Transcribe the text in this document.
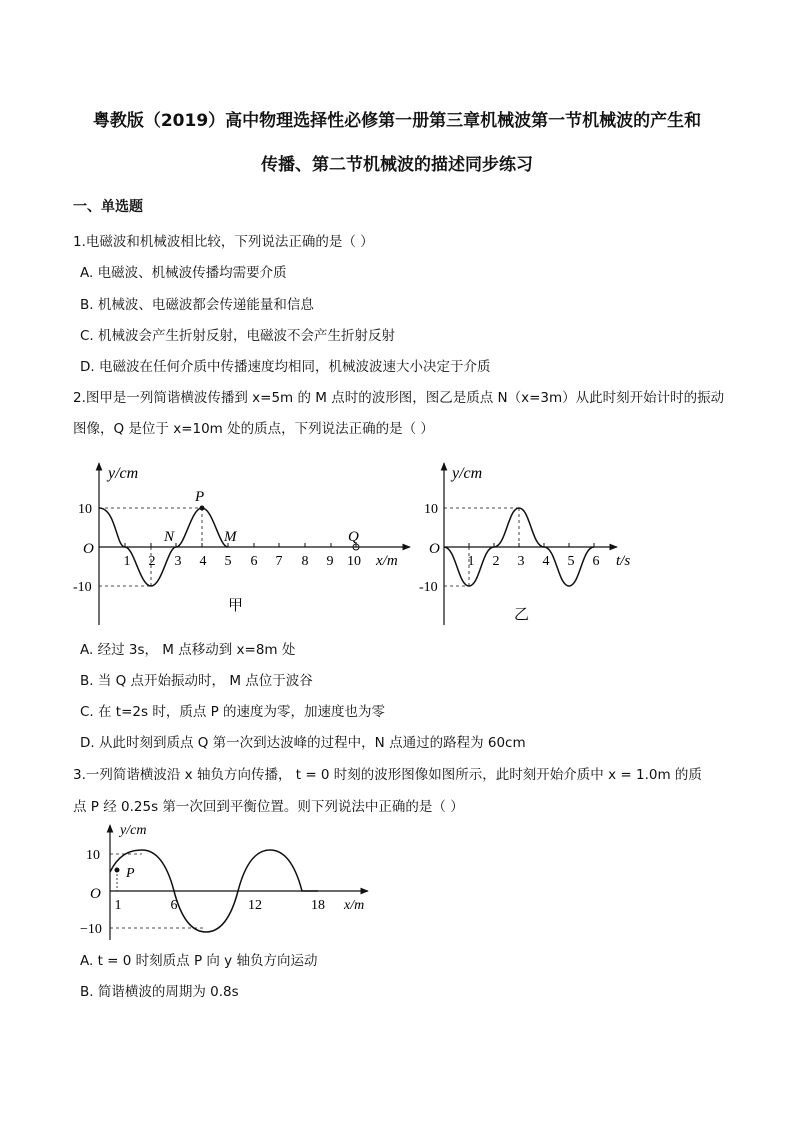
粤教版（2019）高中物理选择性必修第一册第三章机械波第一节机械波的产生和
传播、第二节机械波的描述同步练习
一、单选题
1.电磁波和机械波相比较，下列说法正确的是（ ）
A. 电磁波、机械波传播均需要介质
B. 机械波、电磁波都会传递能量和信息
C. 机械波会产生折射反射，电磁波不会产生折射反射
D. 电磁波在任何介质中传播速度均相同，机械波波速大小决定于介质
2.图甲是一列简谐横波传播到 x=5m 的 M 点时的波形图，图乙是质点 N（x=3m）从此时刻开始计时的振动
图像，Q 是位于 x=10m 处的质点，下列说法正确的是（ ）
y/cm
O
10
-10
1 2 3 4 5 6 7 8 9 10 x/m
P
N	M	Q
甲
y/cm
O
10
-10
1 2 3 4 5 6 t/s
乙
A. 经过 3s， M 点移动到 x=8m 处
B. 当 Q 点开始振动时， M 点位于波谷
C. 在 t=2s 时，质点 P 的速度为零，加速度也为零
D. 从此时刻到质点 Q 第一次到达波峰的过程中，N 点通过的路程为 60cm
3.一列简谐横波沿 x 轴负方向传播， t = 0 时刻的波形图像如图所示，此时刻开始介质中 x = 1.0m 的质
点 P 经 0.25s 第一次回到平衡位置。则下列说法中正确的是（ ）
y/cm
O
10
−10
P
1	6	12	18 x/m
A. t = 0 时刻质点 P 向 y 轴负方向运动
B. 简谐横波的周期为 0.8s
